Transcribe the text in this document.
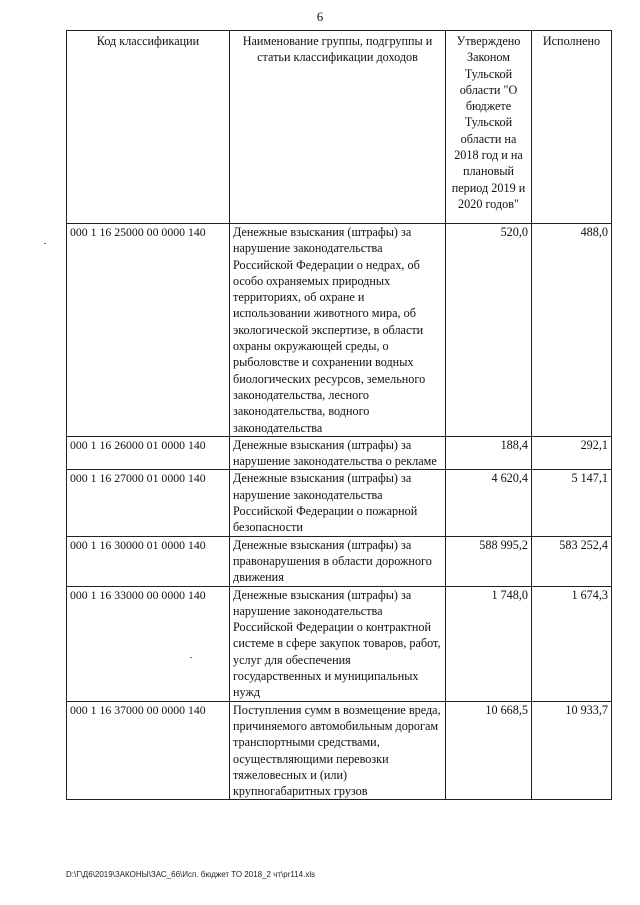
6
Код классификации	Наименование группы, подгруппы и статьи классификации доходов	Утверждено Законом Тульской области "О бюджете Тульской области на 2018 год и на плановый период 2019 и 2020 годов"	Исполнено
000 1 16 25000 00 0000 140	Денежные взыскания (штрафы) за нарушение законодательства Российской Федерации о недрах, об особо охраняемых природных территориях, об охране и использовании животного мира, об экологической экспертизе, в области охраны окружающей среды, о рыболовстве и сохранении водных биологических ресурсов, земельного законодательства, лесного законодательства, водного законодательства	520,0	488,0
000 1 16 26000 01 0000 140	Денежные взыскания (штрафы) за нарушение законодательства о рекламе	188,4	292,1
000 1 16 27000 01 0000 140	Денежные взыскания (штрафы) за нарушение законодательства Российской Федерации о пожарной безопасности	4 620,4	5 147,1
000 1 16 30000 01 0000 140	Денежные взыскания (штрафы) за правонарушения в области дорожного движения	588 995,2	583 252,4
000 1 16 33000 00 0000 140	Денежные взыскания (штрафы) за нарушение законодательства Российской Федерации о контрактной системе в сфере закупок товаров, работ, услуг для обеспечения государственных и муниципальных нужд	1 748,0	1 674,3
000 1 16 37000 00 0000 140	Поступления сумм в возмещение вреда, причиняемого автомобильным дорогам транспортными средствами, осуществляющими перевозки тяжеловесных и (или) крупногабаритных грузов	10 668,5	10 933,7
D:\Г\Д6\2019\ЗАКОНЫ\ЗАС_66\Исп. бюджет ТО 2018_2 чт\pr114.xls
